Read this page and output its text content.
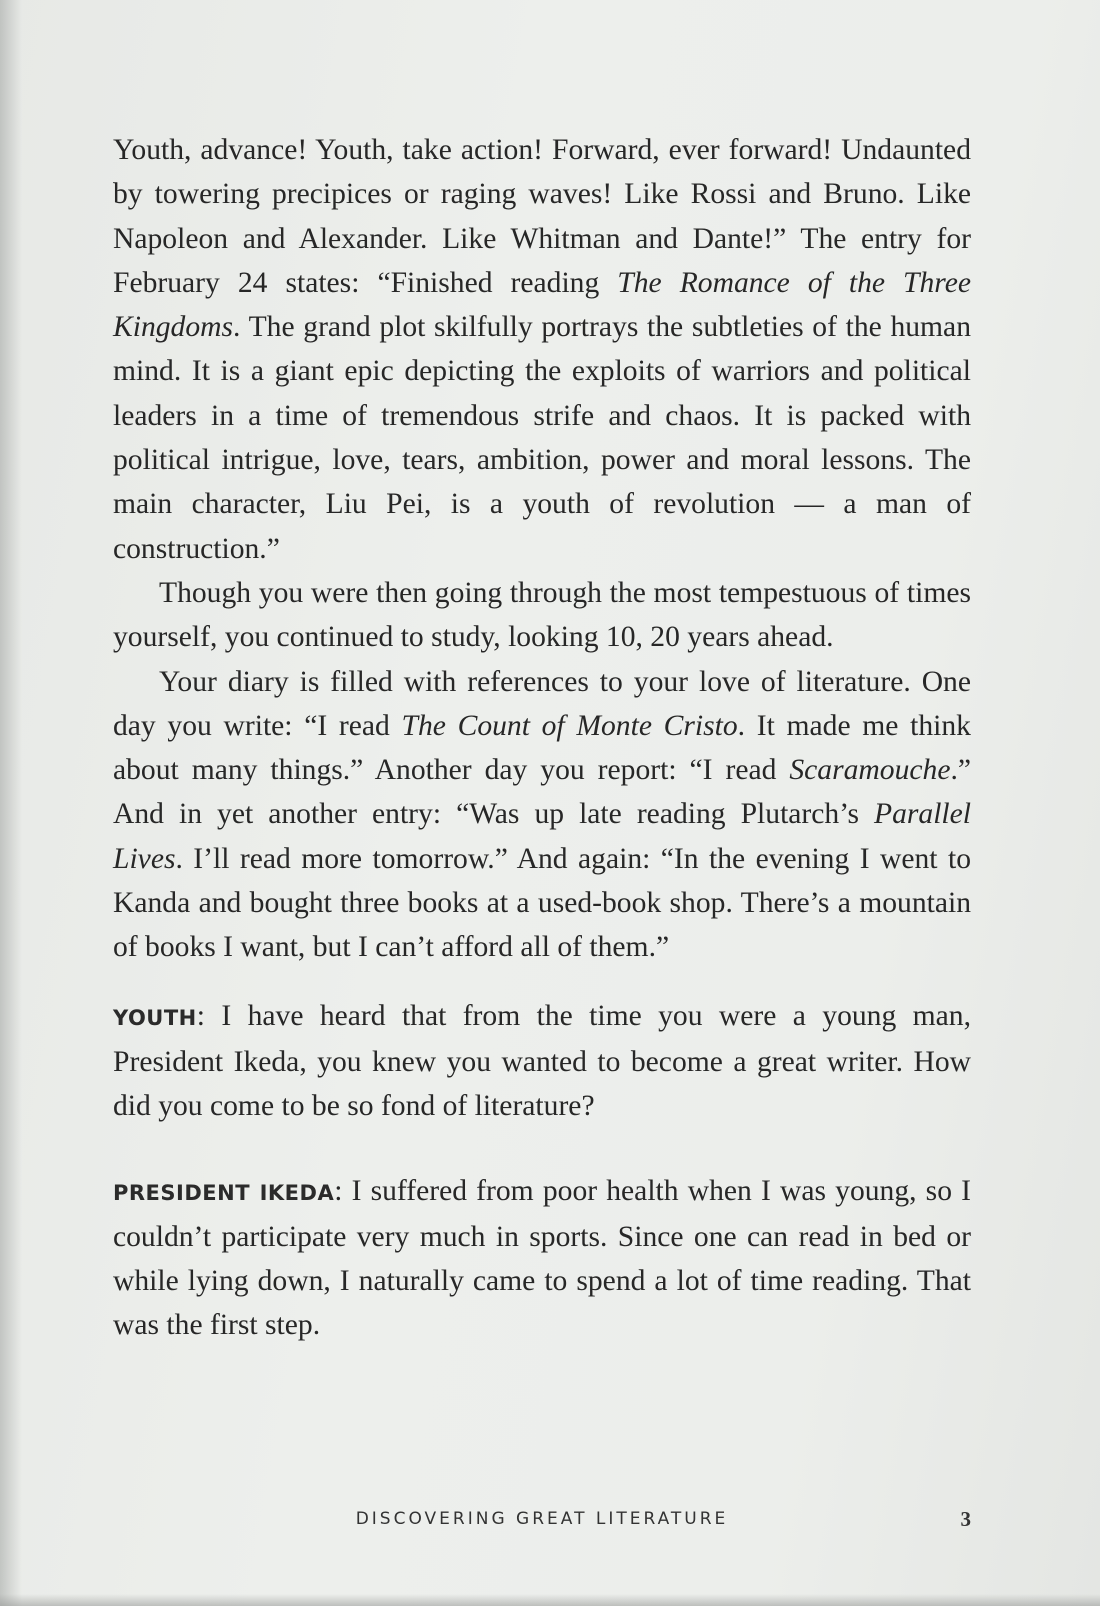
Youth, advance! Youth, take action! Forward, ever forward! Undaunted by towering precipices or raging waves! Like Rossi and Bruno. Like Napoleon and Alexander. Like Whitman and Dante!” The entry for February 24 states: “Finished reading The Romance of the Three Kingdoms. The grand plot skilfully portrays the subtleties of the human mind. It is a giant epic depicting the exploits of warriors and political leaders in a time of tremendous strife and chaos. It is packed with political intrigue, love, tears, ambition, power and moral lessons. The main character, Liu Pei, is a youth of revolution — a man of construction.”

Though you were then going through the most tempestuous of times yourself, you continued to study, looking 10, 20 years ahead.

Your diary is filled with references to your love of literature. One day you write: “I read The Count of Monte Cristo. It made me think about many things.” Another day you report: “I read Scaramouche.” And in yet another entry: “Was up late reading Plutarch’s Parallel Lives. I’ll read more tomorrow.” And again: “In the evening I went to Kanda and bought three books at a used-book shop. There’s a mountain of books I want, but I can’t afford all of them.”

YOUTH: I have heard that from the time you were a young man, President Ikeda, you knew you wanted to become a great writer. How did you come to be so fond of literature?

PRESIDENT IKEDA: I suffered from poor health when I was young, so I couldn’t participate very much in sports. Since one can read in bed or while lying down, I naturally came to spend a lot of time reading. That was the first step.

DISCOVERING GREAT LITERATURE	3
